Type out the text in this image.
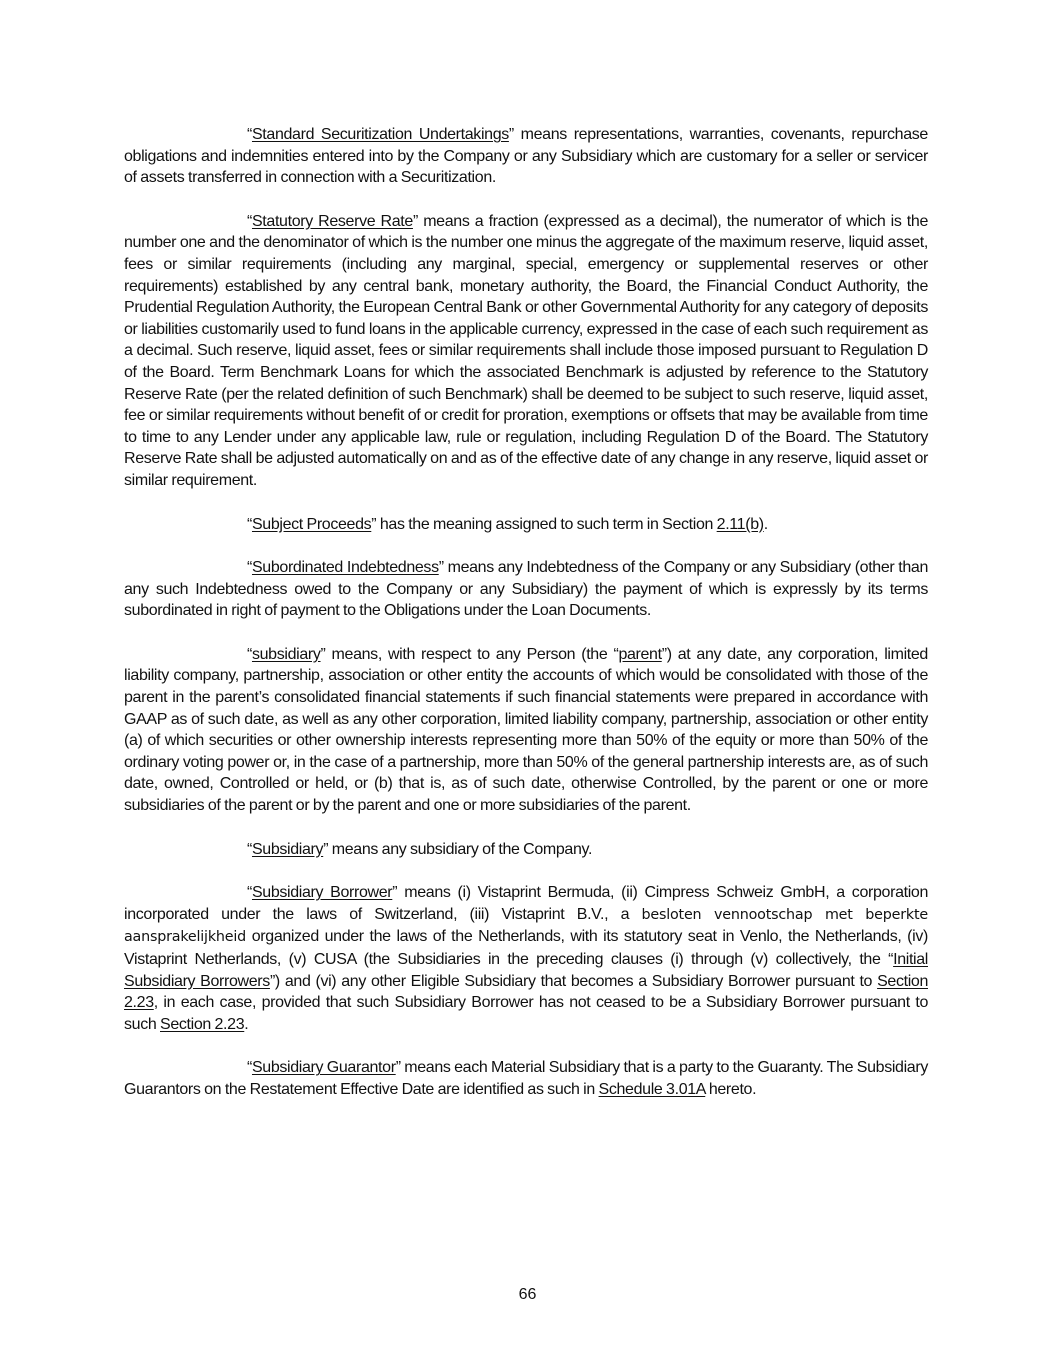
“Standard Securitization Undertakings” means representations, warranties, covenants, repurchase obligations and indemnities entered into by the Company or any Subsidiary which are customary for a seller or servicer of assets transferred in connection with a Securitization.

“Statutory Reserve Rate” means a fraction (expressed as a decimal), the numerator of which is the number one and the denominator of which is the number one minus the aggregate of the maximum reserve, liquid asset, fees or similar requirements (including any marginal, special, emergency or supplemental reserves or other requirements) established by any central bank, monetary authority, the Board, the Financial Conduct Authority, the Prudential Regulation Authority, the European Central Bank or other Governmental Authority for any category of deposits or liabilities customarily used to fund loans in the applicable currency, expressed in the case of each such requirement as a decimal. Such reserve, liquid asset, fees or similar requirements shall include those imposed pursuant to Regulation D of the Board. Term Benchmark Loans for which the associated Benchmark is adjusted by reference to the Statutory Reserve Rate (per the related definition of such Benchmark) shall be deemed to be subject to such reserve, liquid asset, fee or similar requirements without benefit of or credit for proration, exemptions or offsets that may be available from time to time to any Lender under any applicable law, rule or regulation, including Regulation D of the Board. The Statutory Reserve Rate shall be adjusted automatically on and as of the effective date of any change in any reserve, liquid asset or similar requirement.

“Subject Proceeds” has the meaning assigned to such term in Section 2.11(b).

“Subordinated Indebtedness” means any Indebtedness of the Company or any Subsidiary (other than any such Indebtedness owed to the Company or any Subsidiary) the payment of which is expressly by its terms subordinated in right of payment to the Obligations under the Loan Documents.

“subsidiary” means, with respect to any Person (the “parent”) at any date, any corporation, limited liability company, partnership, association or other entity the accounts of which would be consolidated with those of the parent in the parent’s consolidated financial statements if such financial statements were prepared in accordance with GAAP as of such date, as well as any other corporation, limited liability company, partnership, association or other entity (a) of which securities or other ownership interests representing more than 50% of the equity or more than 50% of the ordinary voting power or, in the case of a partnership, more than 50% of the general partnership interests are, as of such date, owned, Controlled or held, or (b) that is, as of such date, otherwise Controlled, by the parent or one or more subsidiaries of the parent or by the parent and one or more subsidiaries of the parent.

“Subsidiary” means any subsidiary of the Company.

“Subsidiary Borrower” means (i) Vistaprint Bermuda, (ii) Cimpress Schweiz GmbH, a corporation incorporated under the laws of Switzerland, (iii) Vistaprint B.V., a besloten vennootschap met beperkte aansprakelijkheid organized under the laws of the Netherlands, with its statutory seat in Venlo, the Netherlands, (iv) Vistaprint Netherlands, (v) CUSA (the Subsidiaries in the preceding clauses (i) through (v) collectively, the “Initial Subsidiary Borrowers”) and (vi) any other Eligible Subsidiary that becomes a Subsidiary Borrower pursuant to Section 2.23, in each case, provided that such Subsidiary Borrower has not ceased to be a Subsidiary Borrower pursuant to such Section 2.23.

“Subsidiary Guarantor” means each Material Subsidiary that is a party to the Guaranty. The Subsidiary Guarantors on the Restatement Effective Date are identified as such in Schedule 3.01A hereto.

66
